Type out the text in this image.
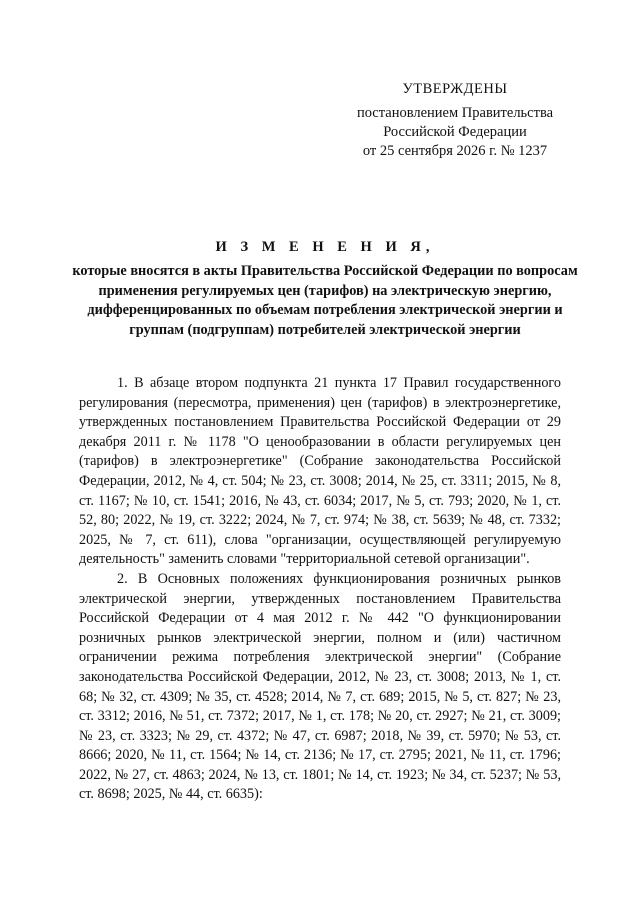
УТВЕРЖДЕНЫ
постановлением Правительства
Российской Федерации
от 25 сентября 2026 г. № 1237
И З М Е Н Е Н И Я,
которые вносятся в акты Правительства Российской Федерации по вопросам применения регулируемых цен (тарифов) на электрическую энергию, дифференцированных по объемам потребления электрической энергии и группам (подгруппам) потребителей электрической энергии

1. В абзаце втором подпункта 21 пункта 17 Правил государственного регулирования (пересмотра, применения) цен (тарифов) в электроэнергетике, утвержденных постановлением Правительства Российской Федерации от 29 декабря 2011 г. № 1178 "О ценообразовании в области регулируемых цен (тарифов) в электроэнергетике" (Собрание законодательства Российской Федерации, 2012, № 4, ст. 504; № 23, ст. 3008; 2014, № 25, ст. 3311; 2015, № 8, ст. 1167; № 10, ст. 1541; 2016, № 43, ст. 6034; 2017, № 5, ст. 793; 2020, № 1, ст. 52, 80; 2022, № 19, ст. 3222; 2024, № 7, ст. 974; № 38, ст. 5639; № 48, ст. 7332; 2025, № 7, ст. 611), слова "организации, осуществляющей регулируемую деятельность" заменить словами "территориальной сетевой организации".

2. В Основных положениях функционирования розничных рынков электрической энергии, утвержденных постановлением Правительства Российской Федерации от 4 мая 2012 г. № 442 "О функционировании розничных рынков электрической энергии, полном и (или) частичном ограничении режима потребления электрической энергии" (Собрание законодательства Российской Федерации, 2012, № 23, ст. 3008; 2013, № 1, ст. 68; № 32, ст. 4309; № 35, ст. 4528; 2014, № 7, ст. 689; 2015, № 5, ст. 827; № 23, ст. 3312; 2016, № 51, ст. 7372; 2017, № 1, ст. 178; № 20, ст. 2927; № 21, ст. 3009; № 23, ст. 3323; № 29, ст. 4372; № 47, ст. 6987; 2018, № 39, ст. 5970; № 53, ст. 8666; 2020, № 11, ст. 1564; № 14, ст. 2136; № 17, ст. 2795; 2021, № 11, ст. 1796; 2022, № 27, ст. 4863; 2024, № 13, ст. 1801; № 14, ст. 1923; № 34, ст. 5237; № 53, ст. 8698; 2025, № 44, ст. 6635):
